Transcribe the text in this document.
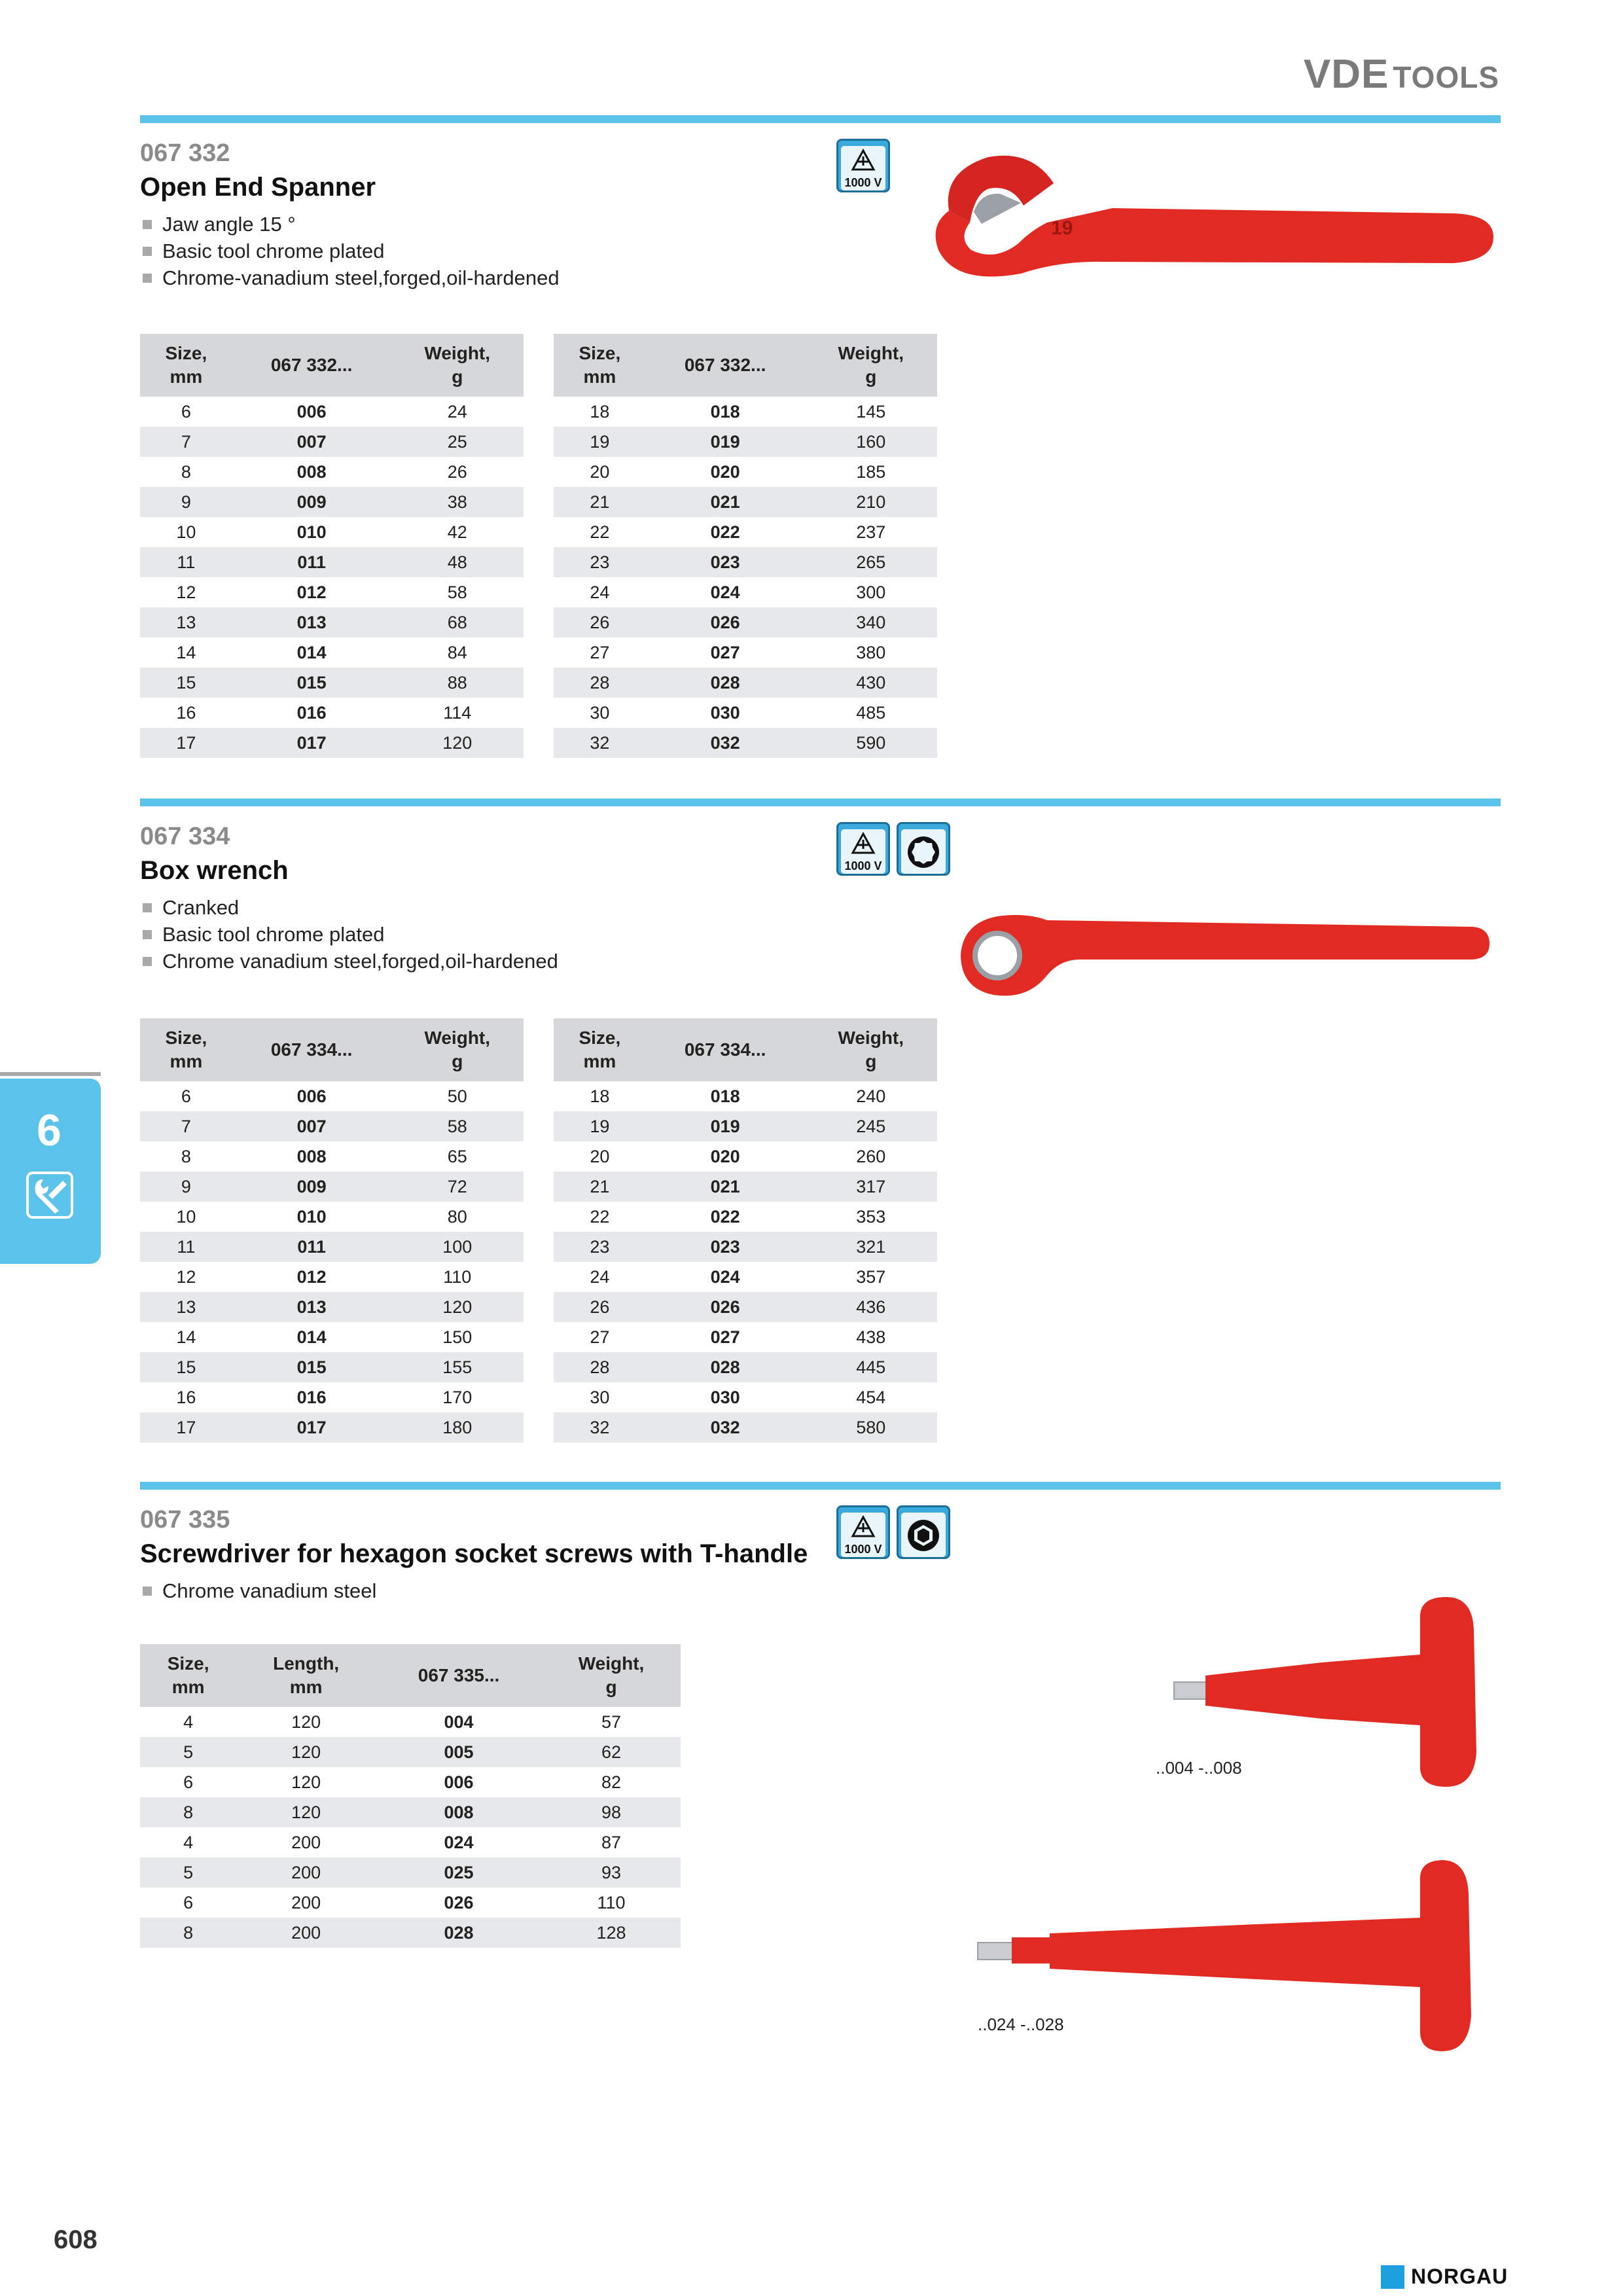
VDE TOOLS

067 332

Open End Spanner

Jaw angle 15 °
Basic tool chrome plated
Chrome-vanadium steel,forged,oil-hardened
1000 V
19
Size,
mm	067 332...	Weight,
g
6	006	24
7	007	25
8	008	26
9	009	38
10	010	42
11	011	48
12	012	58
13	013	68
14	014	84
15	015	88
16	016	114
17	017	120
Size,
mm	067 332...	Weight,
g
18	018	145
19	019	160
20	020	185
21	021	210
22	022	237
23	023	265
24	024	300
26	026	340
27	027	380
28	028	430
30	030	485
32	032	590

067 334

Box wrench

Cranked
Basic tool chrome plated
Chrome vanadium steel,forged,oil-hardened
1000 V
Size,
mm	067 334...	Weight,
g
6	006	50
7	007	58
8	008	65
9	009	72
10	010	80
11	011	100
12	012	110
13	013	120
14	014	150
15	015	155
16	016	170
17	017	180
Size,
mm	067 334...	Weight,
g
18	018	240
19	019	245
20	020	260
21	021	317
22	022	353
23	023	321
24	024	357
26	026	436
27	027	438
28	028	445
30	030	454
32	032	580

067 335

Screwdriver for hexagon socket screws with T-handle

Chrome vanadium steel
1000 V
Size,
mm	Length,
mm	067 335...	Weight,
g
4	120	004	57
5	120	005	62
6	120	006	82
8	120	008	98
4	200	024	87
5	200	025	93
6	200	026	110
8	200	028	128
..004 -..008
..024 -..028
6
608
NORGAU
